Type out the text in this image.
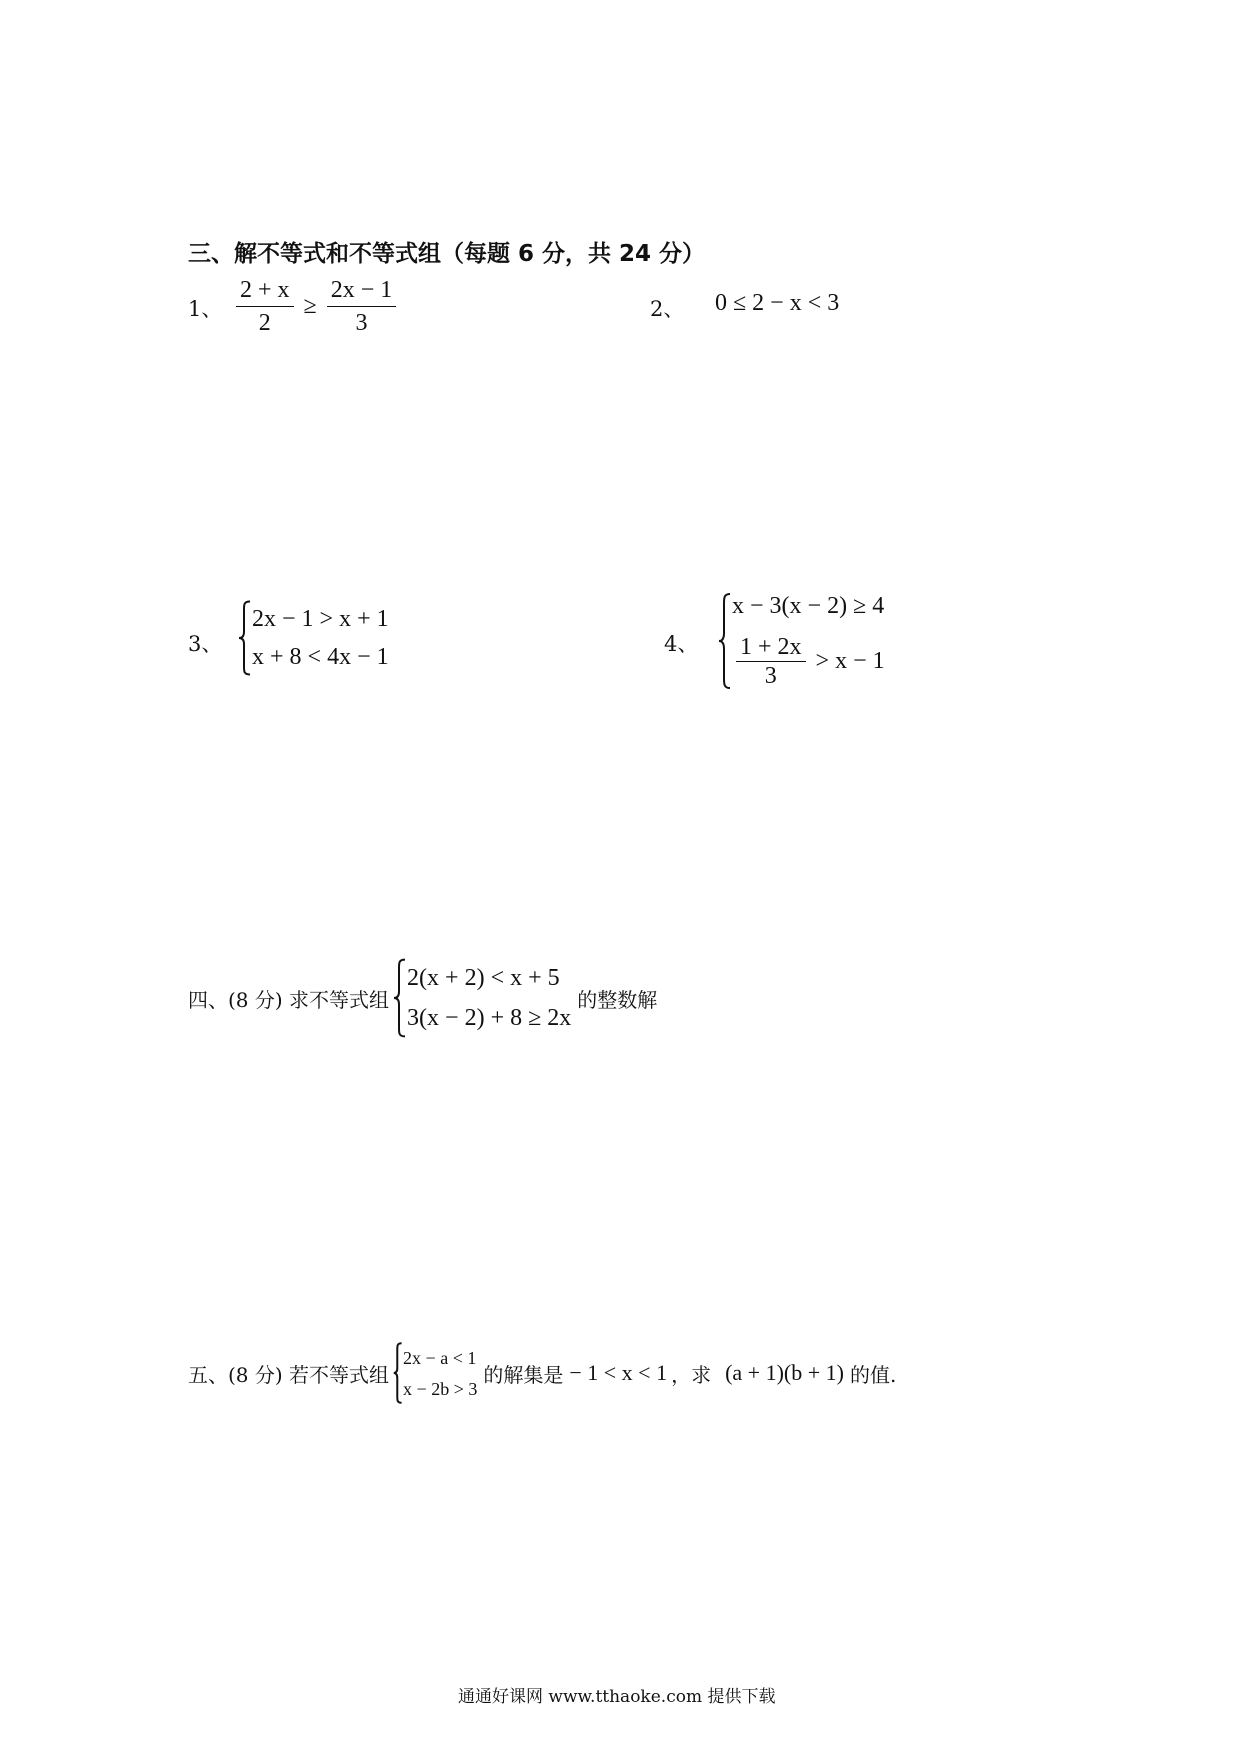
三、解不等式和不等式组（每题 6 分，共 24 分）
1、 $\frac{2 + x}{2} \ge \frac{2x - 1}{3}$	2、 0 ≤ 2 − x < 3
3、
2x − 1 > x + 1
x + 8 < 4x − 1	4、
x − 3(x − 2) ≥ 4
$\frac{1 + 2x}{3} > x - 1$
四、(8 分) 求不等式组
2(x + 2) < x + 5
3(x − 2) + 8 ≥ 2x
的整数解
五、(8 分) 若不等式组
2x − a < 1
x − 2b > 3
的解集是 − 1 < x < 1 ，求 (a + 1)(b + 1) 的值.
通通好课网 www.tthaoke.com 提供下载
